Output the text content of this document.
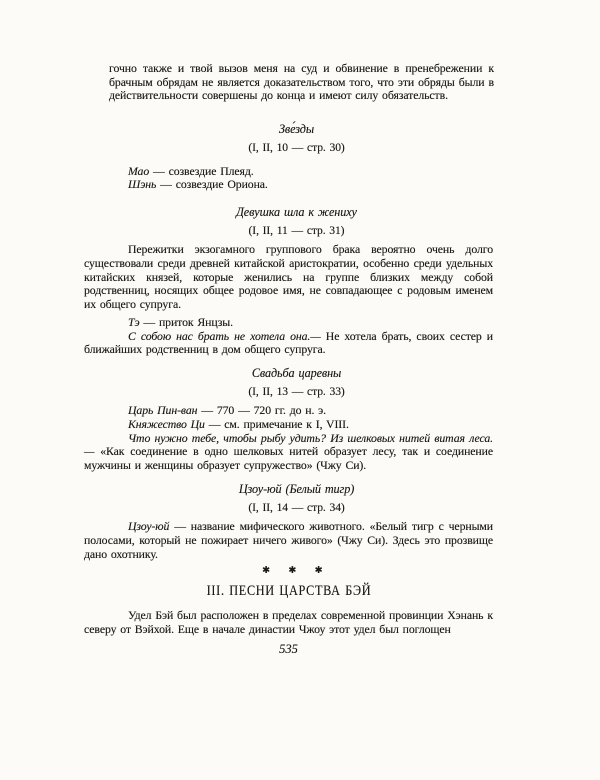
гочно также и твой вызов меня на суд и обвинение в пренебрежении к брачным обрядам не является доказательством того, что эти обряды были в действительности совершены до конца и имеют силу обязательств.

Зве́зды

(I, II, 10 — стр. 30)

Мао — созвездие Плеяд.

Шэнь — созвездие Ориона.

Девушка шла к жениху

(I, II, 11 — стр. 31)

Пережитки экзогамного группового брака вероятно очень долго существовали среди древней китайской аристократии, особенно среди удельных китайских князей, которые женились на группе близких между собой родственниц, носящих общее родовое имя, не совпадающее с родовым именем их общего супруга.

Тэ — приток Янцзы.

С собою нас брать не хотела она.— Не хотела брать, своих сестер и ближайших родственниц в дом общего супруга.

Свадьба царевны

(I, II, 13 — стр. 33)

Царь Пин-ван — 770 — 720 гг. до н. э.

Княжество Ци — см. примечание к I, VIII.

Что нужно тебе, чтобы рыбу удить? Из шелковых нитей витая леса.— «Как соединение в одно шелковых нитей образует лесу, так и соединение мужчины и женщины образует супружество» (Чжу Си).

Цзоу-юй (Белый тигр)

(I, II, 14 — стр. 34)

Цзоу-юй — название мифического животного. «Белый тигр с черными полосами, который не пожирает ничего живого» (Чжу Си). Здесь это прозвище дано охотнику.

✱ ✱ ✱

III. ПЕСНИ ЦАРСТВА БЭЙ

Удел Бэй был расположен в пределах современной провинции Хэнань к северу от Вэйхой. Еще в начале династии Чжоу этот удел был поглощен

535
